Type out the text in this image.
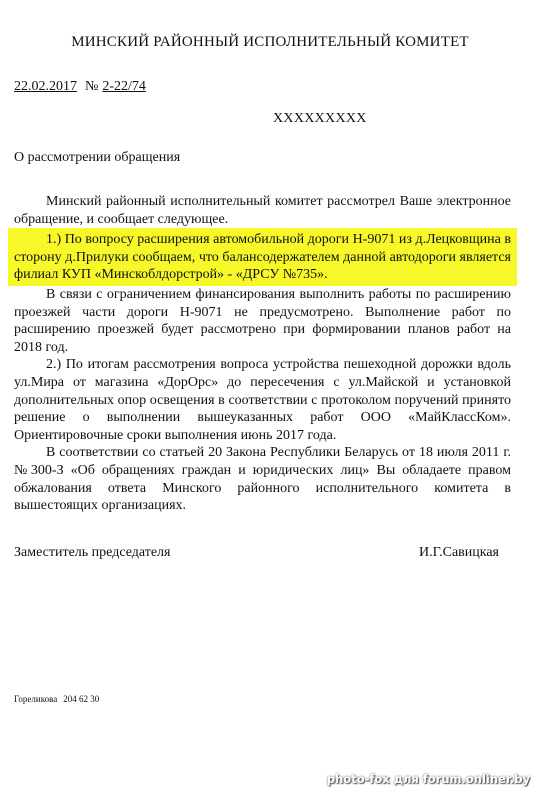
МИНСКИЙ РАЙОННЫЙ ИСПОЛНИТЕЛЬНЫЙ КОМИТЕТ
22.02.2017 № 2-22/74
XXXXXXXXX
О рассмотрении обращения

Минский районный исполнительный комитет рассмотрел Ваше электронное обращение, и сообщает следующее.

1.) По вопросу расширения автомобильной дороги Н-9071 из д.Лецковщина в сторону д.Прилуки сообщаем, что балансодержателем данной автодороги является филиал КУП «Минскоблдорстрой» - «ДРСУ №735».

В связи с ограничением финансирования выполнить работы по расширению проезжей части дороги Н-9071 не предусмотрено. Выполнение работ по расширению проезжей будет рассмотрено при формировании планов работ на 2018 год.

2.) По итогам рассмотрения вопроса устройства пешеходной дорожки вдоль ул.Мира от магазина «ДорОрс» до пересечения с ул.Майской и установкой дополнительных опор освещения в соответствии с протоколом поручений принято решение о выполнении вышеуказанных работ ООО «МайКлассКом». Ориентировочные сроки выполнения июнь 2017 года.

В соответствии со статьей 20 Закона Республики Беларусь от 18 июля 2011 г. №300-З «Об обращениях граждан и юридических лиц» Вы обладаете правом обжалования ответа Минского районного исполнительного комитета в вышестоящих организациях.

Заместитель председателя	И.Г.Савицкая
Гореликова 204 62 30
photo-fox для forum.onliner.by
